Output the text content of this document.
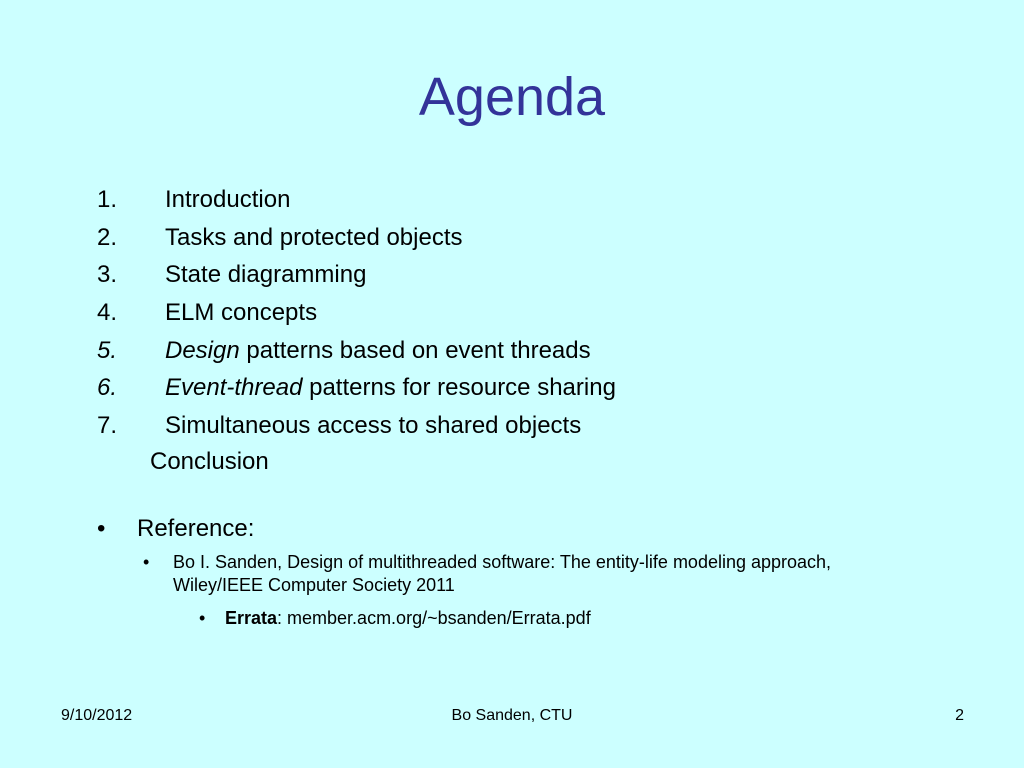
Agenda
1. Introduction
2. Tasks and protected objects
3. State diagramming
4. ELM concepts
5. Design patterns based on event threads
6. Event-thread patterns for resource sharing
7. Simultaneous access to shared objects
Conclusion
• Reference:
• Bo I. Sanden, Design of multithreaded software: The entity-life modeling approach, Wiley/IEEE Computer Society 2011
• Errata: member.acm.org/~bsanden/Errata.pdf
9/10/2012	Bo Sanden, CTU	2
